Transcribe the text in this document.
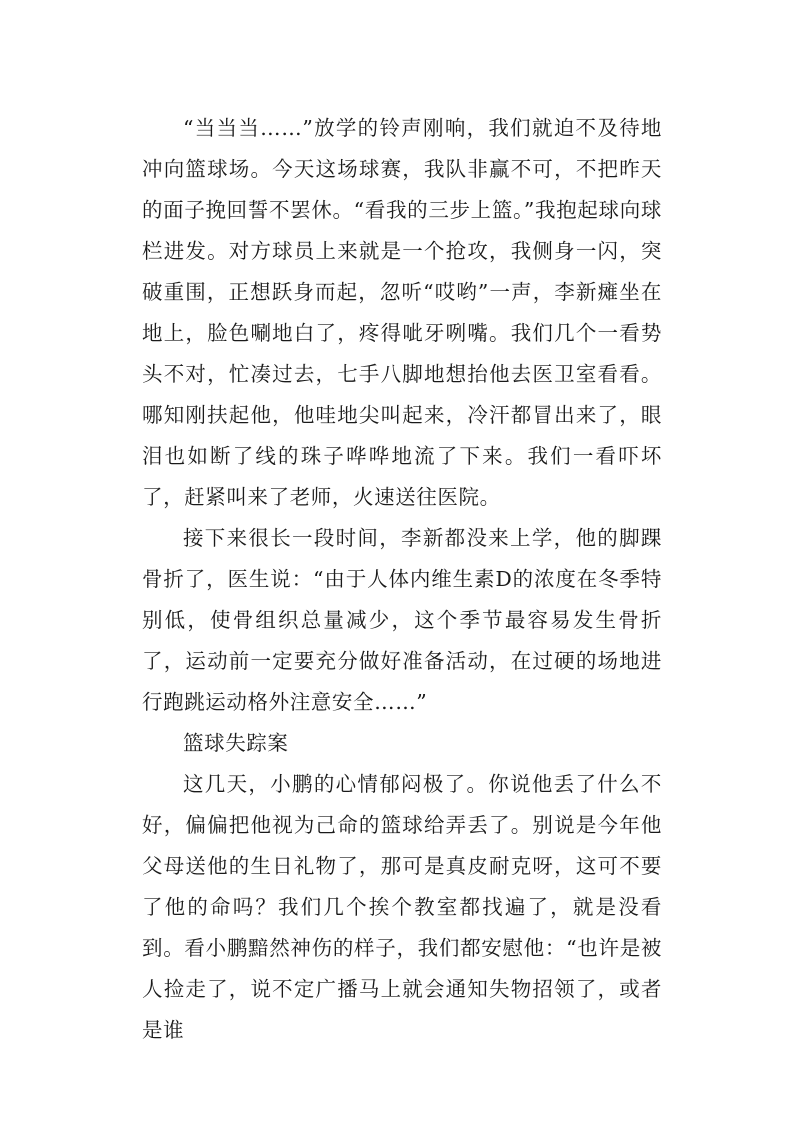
“当当当……”放学的铃声刚响，我们就迫不及待地冲向篮球场。今天这场球赛，我队非赢不可，不把昨天的面子挽回誓不罢休。“看我的三步上篮。”我抱起球向球栏进发。对方球员上来就是一个抢攻，我侧身一闪，突破重围，正想跃身而起，忽听“哎哟”一声，李新瘫坐在地上，脸色唰地白了，疼得呲牙咧嘴。我们几个一看势头不对，忙凑过去，七手八脚地想抬他去医卫室看看。哪知刚扶起他，他哇地尖叫起来，冷汗都冒出来了，眼泪也如断了线的珠子哗哗地流了下来。我们一看吓坏了，赶紧叫来了老师，火速送往医院。

接下来很长一段时间，李新都没来上学，他的脚踝骨折了，医生说：“由于人体内维生素D的浓度在冬季特别低，使骨组织总量减少，这个季节最容易发生骨折了，运动前一定要充分做好准备活动，在过硬的场地进行跑跳运动格外注意安全……”

篮球失踪案

这几天，小鹏的心情郁闷极了。你说他丢了什么不好，偏偏把他视为己命的篮球给弄丢了。别说是今年他父母送他的生日礼物了，那可是真皮耐克呀，这可不要了他的命吗？我们几个挨个教室都找遍了，就是没看到。看小鹏黯然神伤的样子，我们都安慰他：“也许是被人捡走了，说不定广播马上就会通知失物招领了，或者是谁
